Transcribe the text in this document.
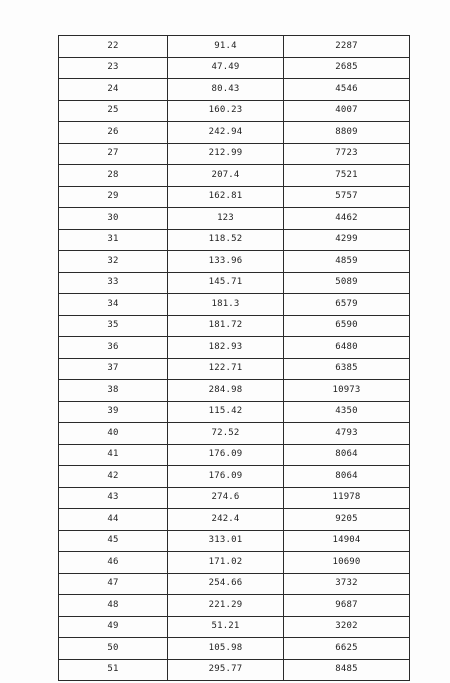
22	91.4	2287
23	47.49	2685
24	80.43	4546
25	160.23	4007
26	242.94	8809
27	212.99	7723
28	207.4	7521
29	162.81	5757
30	123	4462
31	118.52	4299
32	133.96	4859
33	145.71	5089
34	181.3	6579
35	181.72	6590
36	182.93	6480
37	122.71	6385
38	284.98	10973
39	115.42	4350
40	72.52	4793
41	176.09	8064
42	176.09	8064
43	274.6	11978
44	242.4	9205
45	313.01	14904
46	171.02	10690
47	254.66	3732
48	221.29	9687
49	51.21	3202
50	105.98	6625
51	295.77	8485
